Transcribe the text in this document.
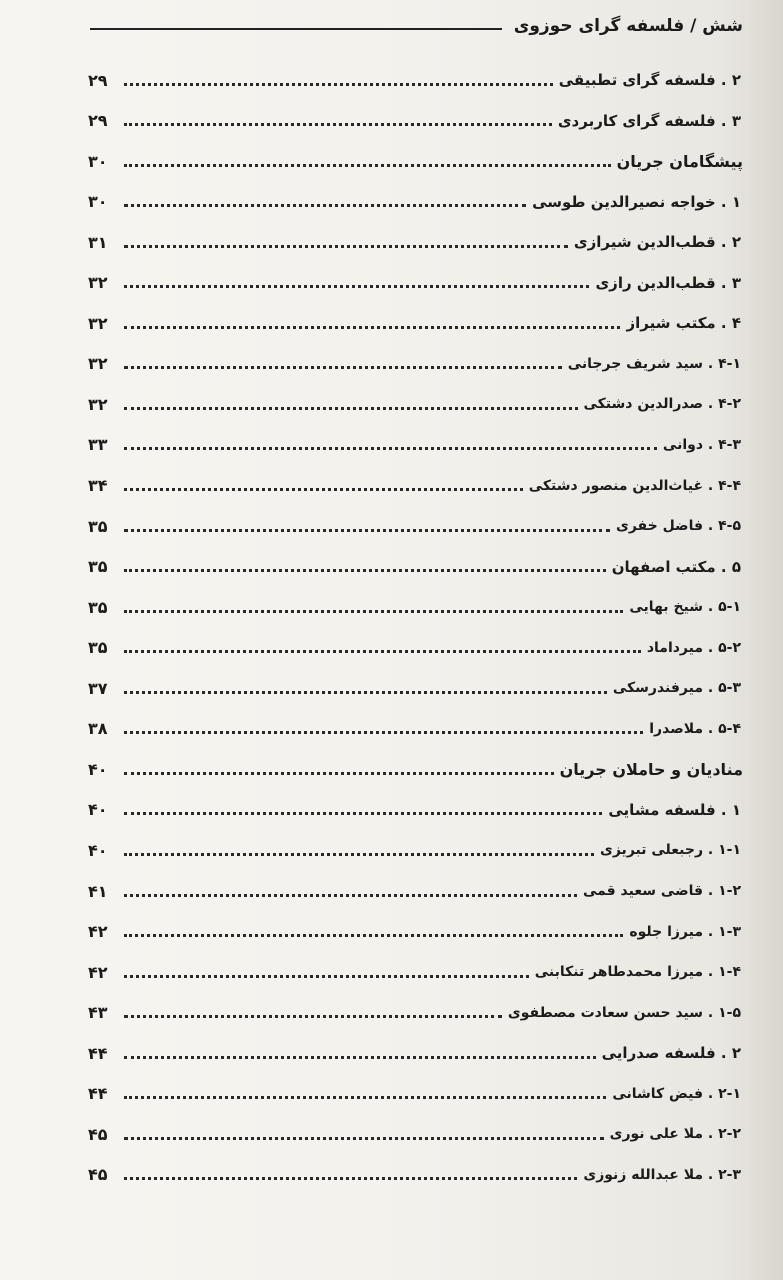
شش / فلسفه گرای حوزوی
۲ . فلسفه گرای تطبیقی
۲۹
۳ . فلسفه گرای کاربردی
۲۹
پیشگامان جریان
۳۰
۱ . خواجه نصیرالدین طوسی
۳۰
۲ . قطب‌الدین شیرازی
۳۱
۳ . قطب‌الدین رازی
۳۲
۴ . مکتب شیراز
۳۲
۴-۱ . سید شریف جرجانی
۳۲
۴-۲ . صدرالدین دشتکی
۳۲
۴-۳ . دوانی
۳۳
۴-۴ . غیاث‌الدین منصور دشتکی
۳۴
۴-۵ . فاضل خفری
۳۵
۵ . مکتب اصفهان
۳۵
۵-۱ . شیخ بهایی
۳۵
۵-۲ . میرداماد
۳۵
۵-۳ . میرفندرسکی
۳۷
۵-۴ . ملاصدرا
۳۸
منادیان و حاملان جریان
۴۰
۱ . فلسفه مشایی
۴۰
۱-۱ . رجبعلی تبریزی
۴۰
۱-۲ . قاضی سعید قمی
۴۱
۱-۳ . میرزا جلوه
۴۲
۱-۴ . میرزا محمدطاهر تنکابنی
۴۲
۱-۵ . سید حسن سعادت مصطفوی
۴۳
۲ . فلسفه صدرایی
۴۴
۲-۱ . فیض کاشانی
۴۴
۲-۲ . ملا علی نوری
۴۵
۲-۳ . ملا عبدالله زنوزی
۴۵
